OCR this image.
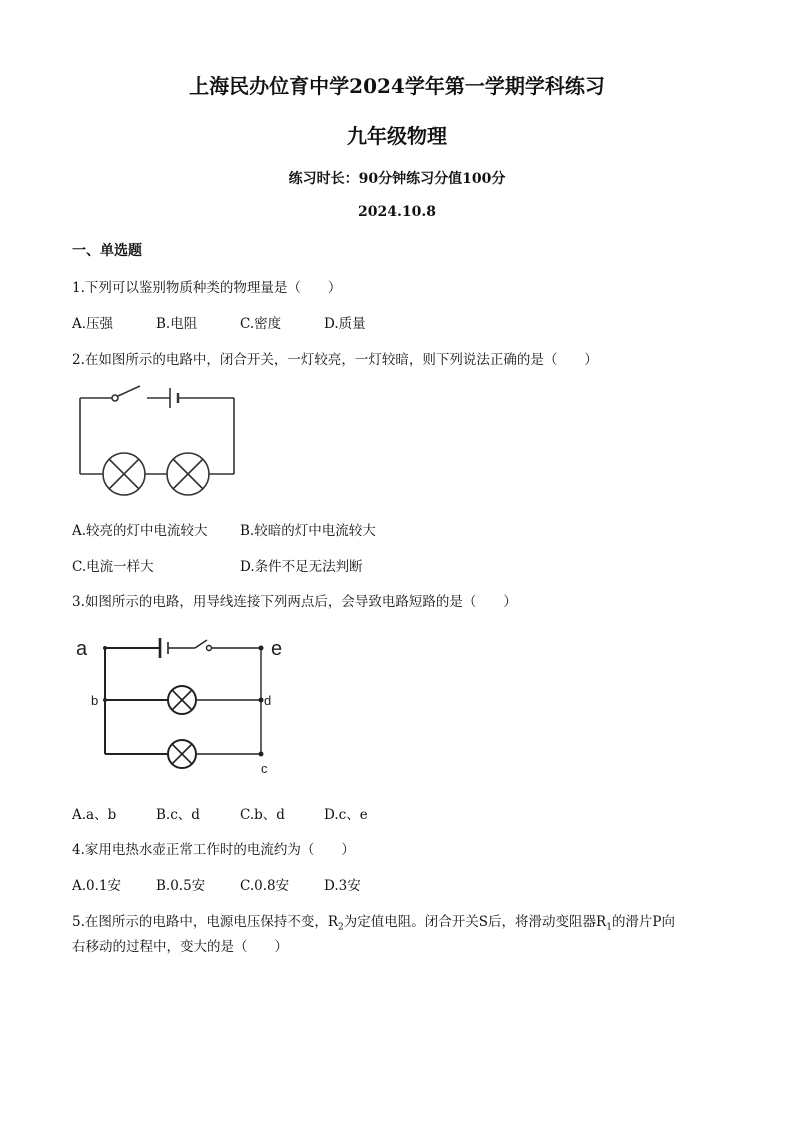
上海民办位育中学2024学年第一学期学科练习
九年级物理
练习时长：90分钟练习分值100分
2024.10.8
一、单选题
1.下列可以鉴别物质种类的物理量是（　　）
A.压强	B.电阻	C.密度	D.质量
2.在如图所示的电路中，闭合开关，一灯较亮，一灯较暗，则下列说法正确的是（　　）
A.较亮的灯中电流较大 B.较暗的灯中电流较大
C.电流一样大	D.条件不足无法判断
3.如图所示的电路，用导线连接下列两点后，会导致电路短路的是（　　）
a
b
c
d
e
A.a、b	B.c、d	C.b、d	D.c、e
4.家用电热水壶正常工作时的电流约为（　　）
A.0.1安	B.0.5安	C.0.8安	D.3安
5.在图所示的电路中，电源电压保持不变，$R_2$为定值电阻。闭合开关S后，将滑动变阻器$R_1$的滑片P向
右移动的过程中，变大的是（　　）
